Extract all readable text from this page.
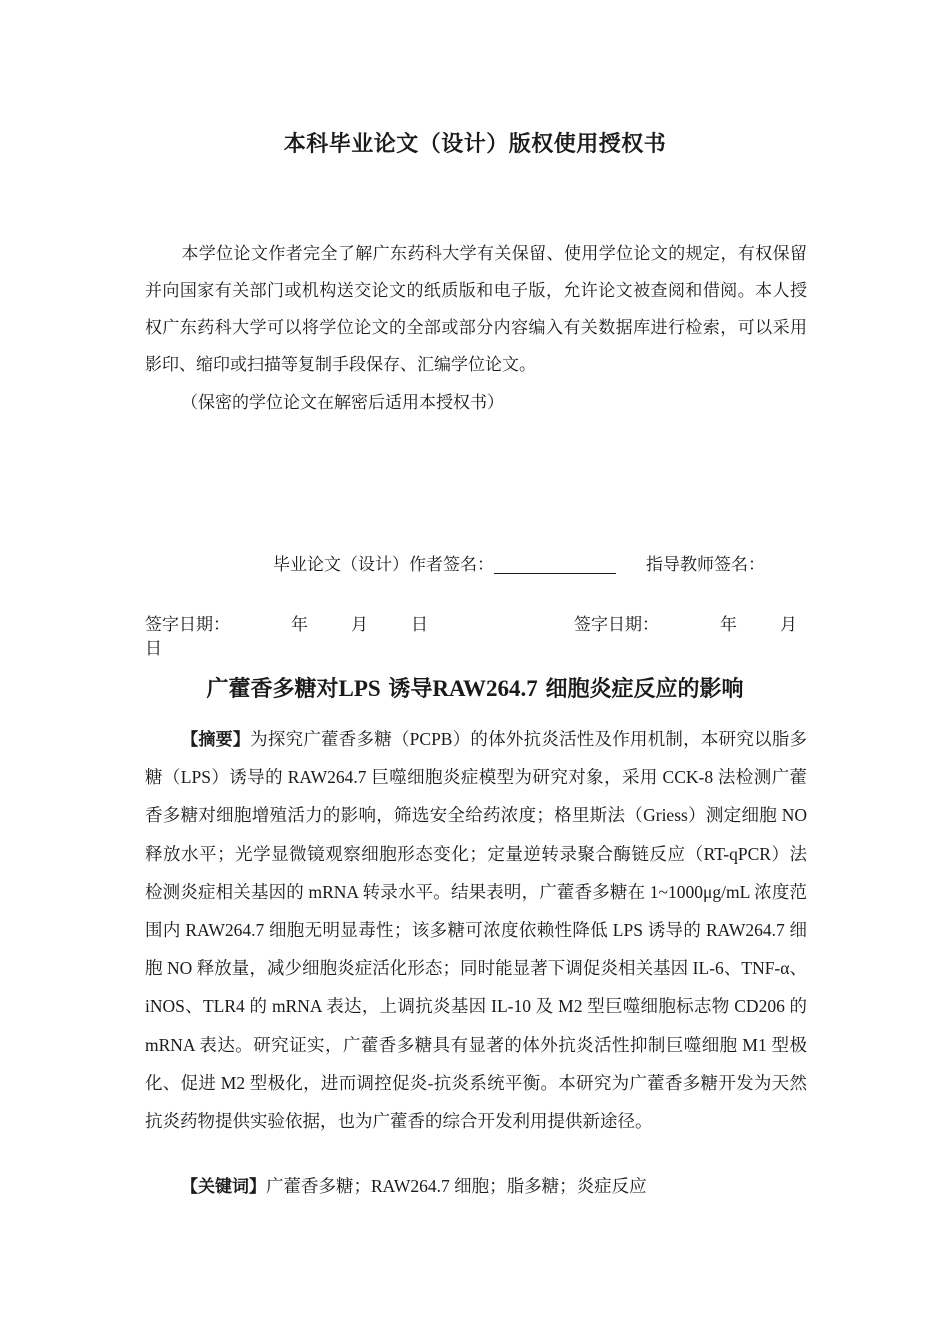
本科毕业论文（设计）版权使用授权书
本学位论文作者完全了解广东药科大学有关保留、使用学位论文的规定，有权保留并向国家有关部门或机构送交论文的纸质版和电子版，允许论文被查阅和借阅。本人授权广东药科大学可以将学位论文的全部或部分内容编入有关数据库进行检索，可以采用影印、缩印或扫描等复制手段保存、汇编学位论文。
（保密的学位论文在解密后适用本授权书）
毕业论文（设计）作者签名：	指导教师签名：
签字日期：	年	月	日	签字日期：	年	月
日
广藿香多糖对LPS 诱导RAW264.7 细胞炎症反应的影响
【摘要】为探究广藿香多糖（PCPB）的体外抗炎活性及作用机制，本研究以脂多糖（LPS）诱导的 RAW264.7 巨噬细胞炎症模型为研究对象，采用 CCK-8 法检测广藿香多糖对细胞增殖活力的影响，筛选安全给药浓度；格里斯法（Griess）测定细胞 NO 释放水平；光学显微镜观察细胞形态变化；定量逆转录聚合酶链反应（RT-qPCR）法检测炎症相关基因的 mRNA 转录水平。结果表明，广藿香多糖在 1~1000μg/mL 浓度范围内 RAW264.7 细胞无明显毒性；该多糖可浓度依赖性降低 LPS 诱导的 RAW264.7 细胞 NO 释放量，减少细胞炎症活化形态；同时能显著下调促炎相关基因 IL-6、TNF-α、iNOS、TLR4 的 mRNA 表达，上调抗炎基因 IL-10 及 M2 型巨噬细胞标志物 CD206 的 mRNA 表达。研究证实，广藿香多糖具有显著的体外抗炎活性抑制巨噬细胞 M1 型极化、促进 M2 型极化，进而调控促炎-抗炎系统平衡。本研究为广藿香多糖开发为天然抗炎药物提供实验依据，也为广藿香的综合开发利用提供新途径。
【关键词】广藿香多糖；RAW264.7 细胞；脂多糖；炎症反应
